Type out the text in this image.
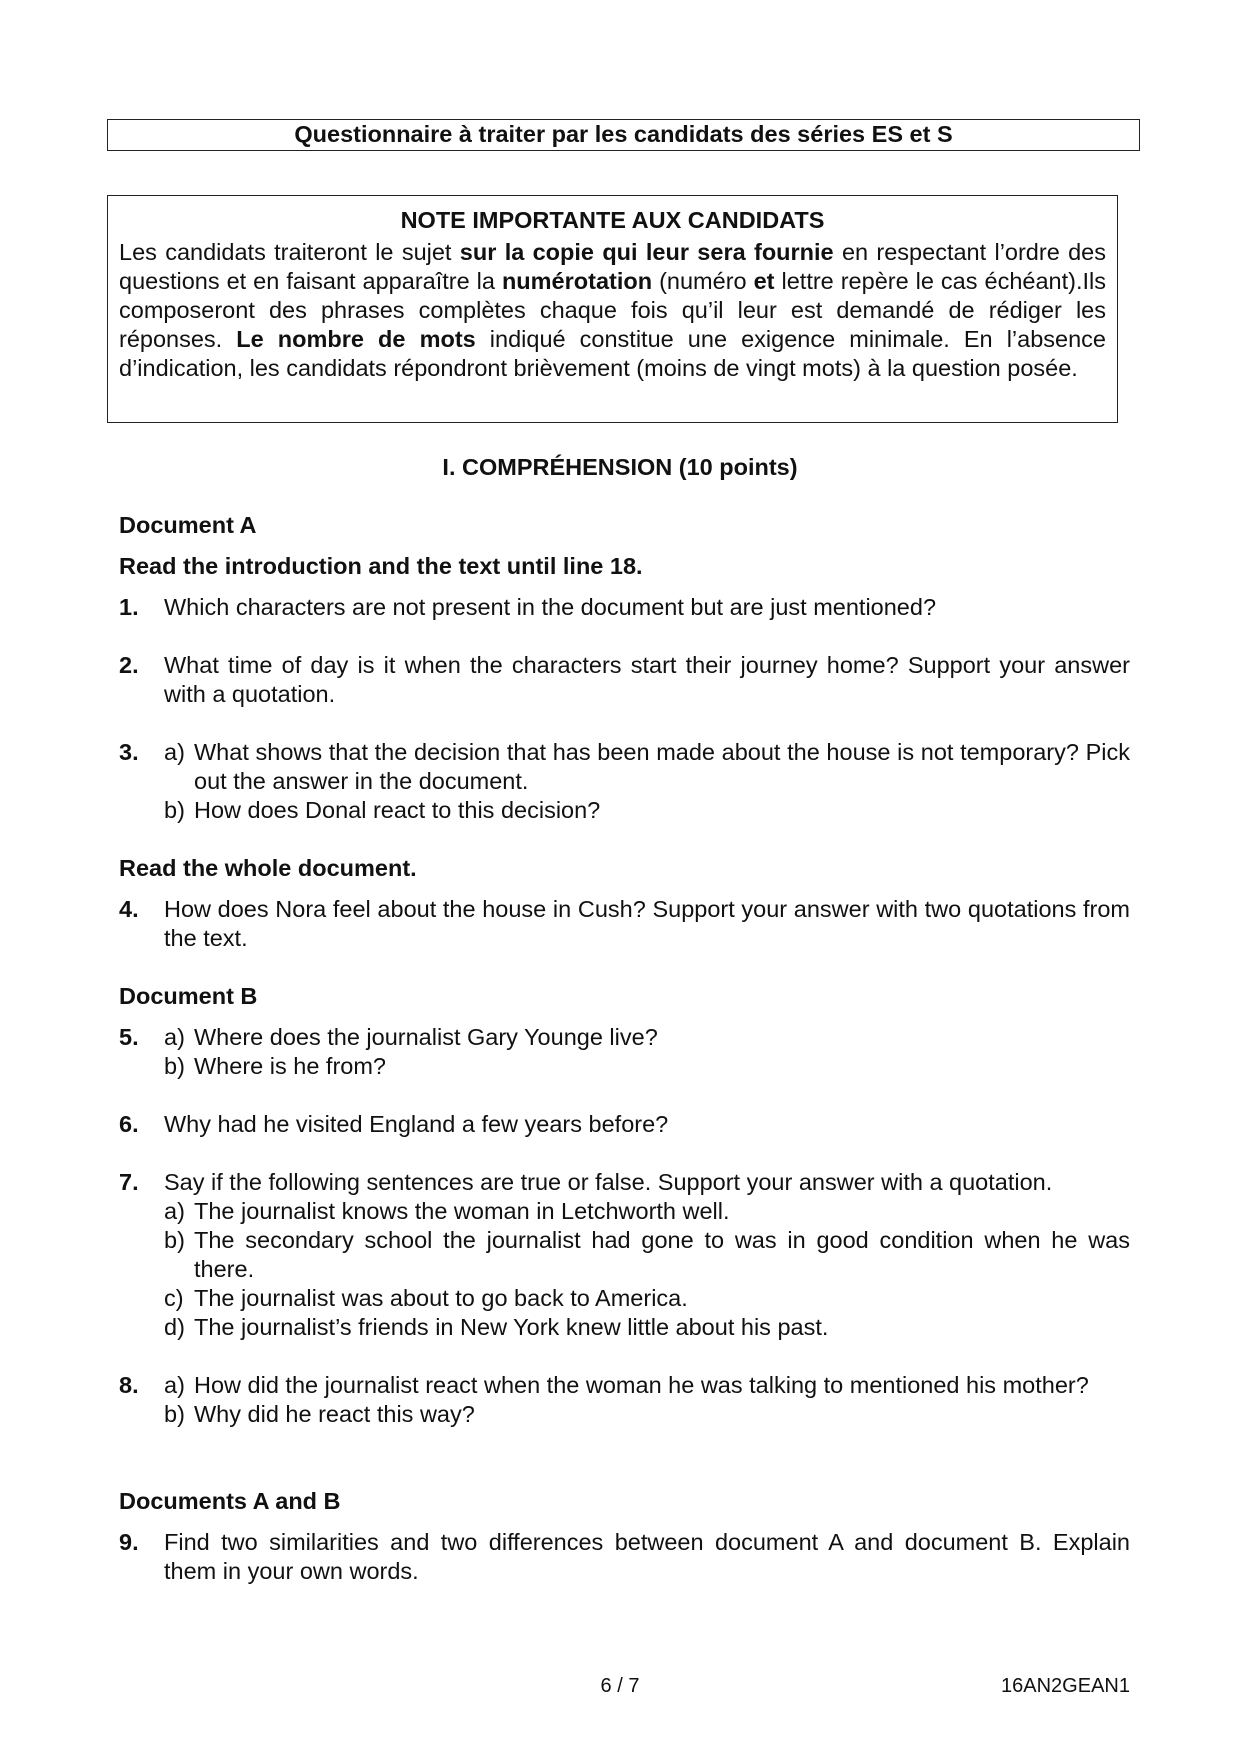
Questionnaire à traiter par les candidats des séries ES et S
NOTE IMPORTANTE AUX CANDIDATS
Les candidats traiteront le sujet sur la copie qui leur sera fournie en respectant l’ordre des questions et en faisant apparaître la numérotation (numéro et lettre repère le cas échéant).Ils composeront des phrases complètes chaque fois qu’il leur est demandé de rédiger les réponses. Le nombre de mots indiqué constitue une exigence minimale. En l’absence d’indication, les candidats répondront brièvement (moins de vingt mots) à la question posée.
I. COMPRÉHENSION (10 points)
Document A
Read the introduction and the text until line 18.
1. Which characters are not present in the document but are just mentioned?
2. What time of day is it when the characters start their journey home? Support your answer with a quotation.
3. a) What shows that the decision that has been made about the house is not temporary? Pick out the answer in the document.
b) How does Donal react to this decision?
Read the whole document.
4. How does Nora feel about the house in Cush? Support your answer with two quotations from the text.
Document B
5. a) Where does the journalist Gary Younge live?
b) Where is he from?
6. Why had he visited England a few years before?
7. Say if the following sentences are true or false. Support your answer with a quotation.
a) The journalist knows the woman in Letchworth well.
b) The secondary school the journalist had gone to was in good condition when he was there.
c) The journalist was about to go back to America.
d) The journalist’s friends in New York knew little about his past.
8. a) How did the journalist react when the woman he was talking to mentioned his mother?
b) Why did he react this way?
Documents A and B
9. Find two similarities and two differences between document A and document B. Explain them in your own words.
6 / 7	16AN2GEAN1
